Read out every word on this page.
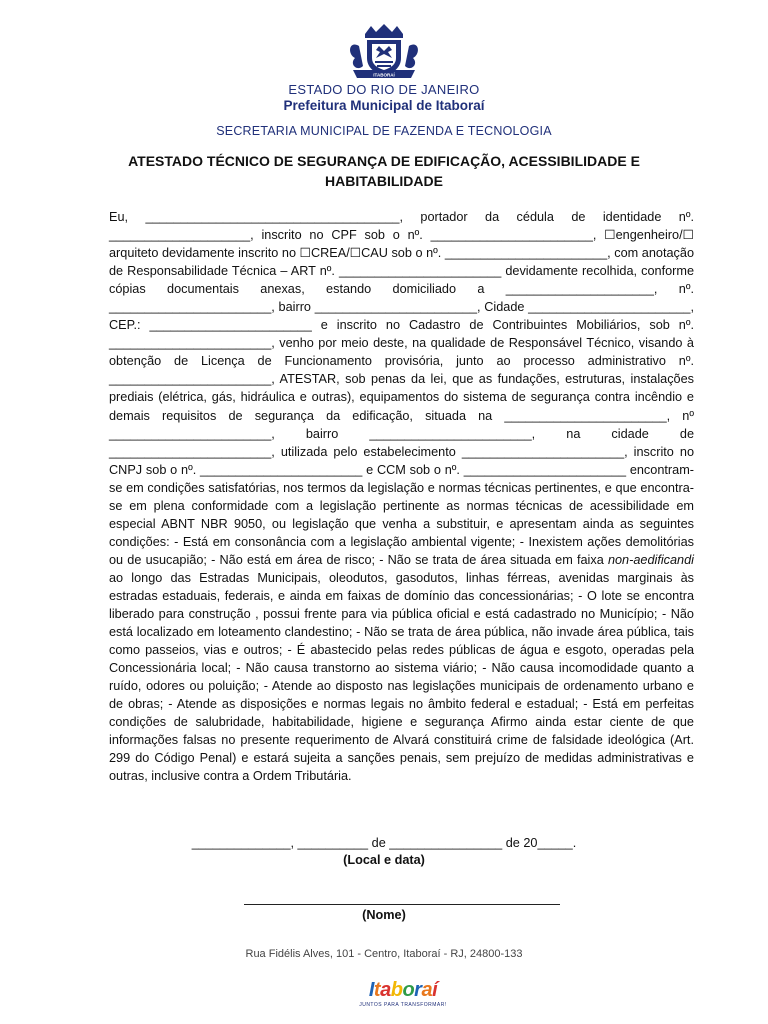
ITABORAÍ
ESTADO DO RIO DE JANEIRO
Prefeitura Municipal de Itaboraí
SECRETARIA MUNICIPAL DE FAZENDA E TECNOLOGIA
ATESTADO TÉCNICO DE SEGURANÇA DE EDIFICAÇÃO, ACESSIBILIDADE E HABITABILIDADE

Eu, ____________________________________, portador da cédula de identidade nº. ____________________, inscrito no CPF sob o nº. _______________________, ☐engenheiro/☐ arquiteto devidamente inscrito no ☐CREA/☐CAU sob o nº. _______________________, com anotação de Responsabilidade Técnica – ART nº. _______________________ devidamente recolhida, conforme cópias documentais anexas, estando domiciliado a _____________________, nº. _______________________, bairro _______________________, Cidade _______________________, CEP.: _______________________ e inscrito no Cadastro de Contribuintes Mobiliários, sob nº. _______________________, venho por meio deste, na qualidade de Responsável Técnico, visando à obtenção de Licença de Funcionamento provisória, junto ao processo administrativo nº. _______________________, ATESTAR, sob penas da lei, que as fundações, estruturas, instalações prediais (elétrica, gás, hidráulica e outras), equipamentos do sistema de segurança contra incêndio e demais requisitos de segurança da edificação, situada na _______________________, nº _______________________, bairro _______________________, na cidade de _______________________, utilizada pelo estabelecimento _______________________, inscrito no CNPJ sob o nº. _______________________ e CCM sob o nº. _______________________ encontram-se em condições satisfatórias, nos termos da legislação e normas técnicas pertinentes, e que encontra-se em plena conformidade com a legislação pertinente as normas técnicas de acessibilidade em especial ABNT NBR 9050, ou legislação que venha a substituir, e apresentam ainda as seguintes condições: - Está em consonância com a legislação ambiental vigente; - Inexistem ações demolitórias ou de usucapião; - Não está em área de risco; - Não se trata de área situada em faixa non-aedificandi ao longo das Estradas Municipais, oleodutos, gasodutos, linhas férreas, avenidas marginais às estradas estaduais, federais, e ainda em faixas de domínio das concessionárias; - O lote se encontra liberado para construção , possui frente para via pública oficial e está cadastrado no Município; - Não está localizado em loteamento clandestino; - Não se trata de área pública, não invade área pública, tais como passeios, vias e outros; - É abastecido pelas redes públicas de água e esgoto, operadas pela Concessionária local; - Não causa transtorno ao sistema viário; - Não causa incomodidade quanto a ruído, odores ou poluição; - Atende ao disposto nas legislações municipais de ordenamento urbano e de obras; - Atende as disposições e normas legais no âmbito federal e estadual; - Está em perfeitas condições de salubridade, habitabilidade, higiene e segurança Afirmo ainda estar ciente de que informações falsas no presente requerimento de Alvará constituirá crime de falsidade ideológica (Art. 299 do Código Penal) e estará sujeita a sanções penais, sem prejuízo de medidas administrativas e outras, inclusive contra a Ordem Tributária.

______________, __________ de ________________ de 20_____.
(Local e data)
(Nome)
Rua Fidélis Alves, 101 - Centro, Itaboraí - RJ, 24800-133
Itaboraí
JUNTOS PARA TRANSFORMAR!
